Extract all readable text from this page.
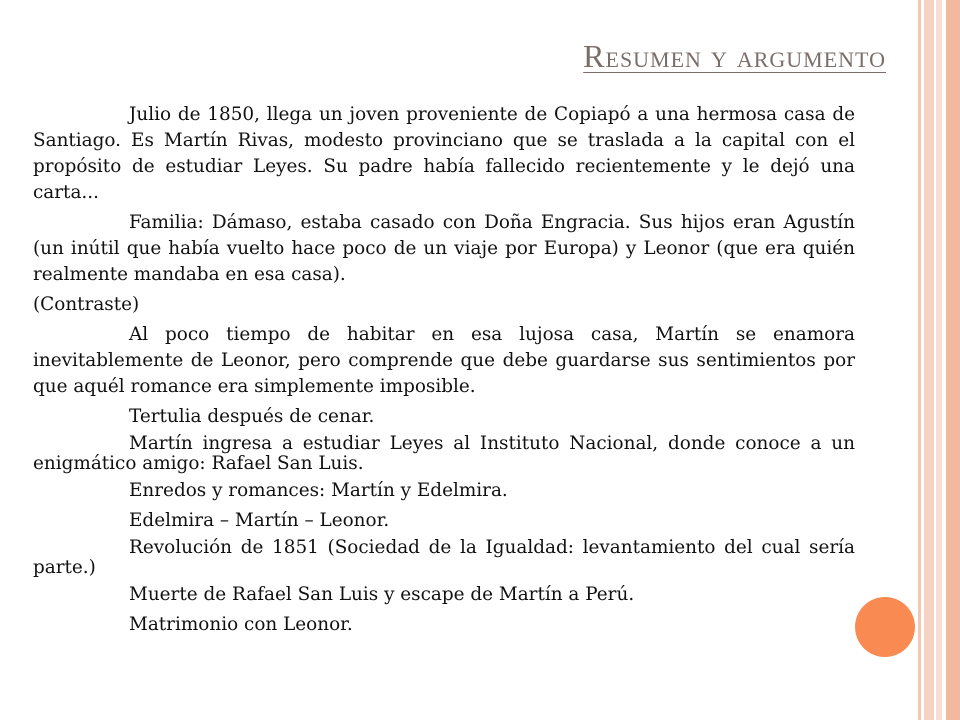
Resumen y argumento

Julio de 1850, llega un joven proveniente de Copiapó a una hermosa casa de Santiago. Es Martín Rivas, modesto provinciano que se traslada a la capital con el propósito de estudiar Leyes. Su padre había fallecido recientemente y le dejó una carta...

Familia: Dámaso, estaba casado con Doña Engracia. Sus hijos eran Agustín (un inútil que había vuelto hace poco de un viaje por Europa) y Leonor (que era quién realmente mandaba en esa casa).

(Contraste)

Al poco tiempo de habitar en esa lujosa casa, Martín se enamora inevitablemente de Leonor, pero comprende que debe guardarse sus sentimientos por que aquél romance era simplemente imposible.

Tertulia después de cenar.

Martín ingresa a estudiar Leyes al Instituto Nacional, donde conoce a un enigmático amigo: Rafael San Luis.

Enredos y romances: Martín y Edelmira.

Edelmira – Martín – Leonor.

Revolución de 1851 (Sociedad de la Igualdad: levantamiento del cual sería parte.)

Muerte de Rafael San Luis y escape de Martín a Perú.

Matrimonio con Leonor.
